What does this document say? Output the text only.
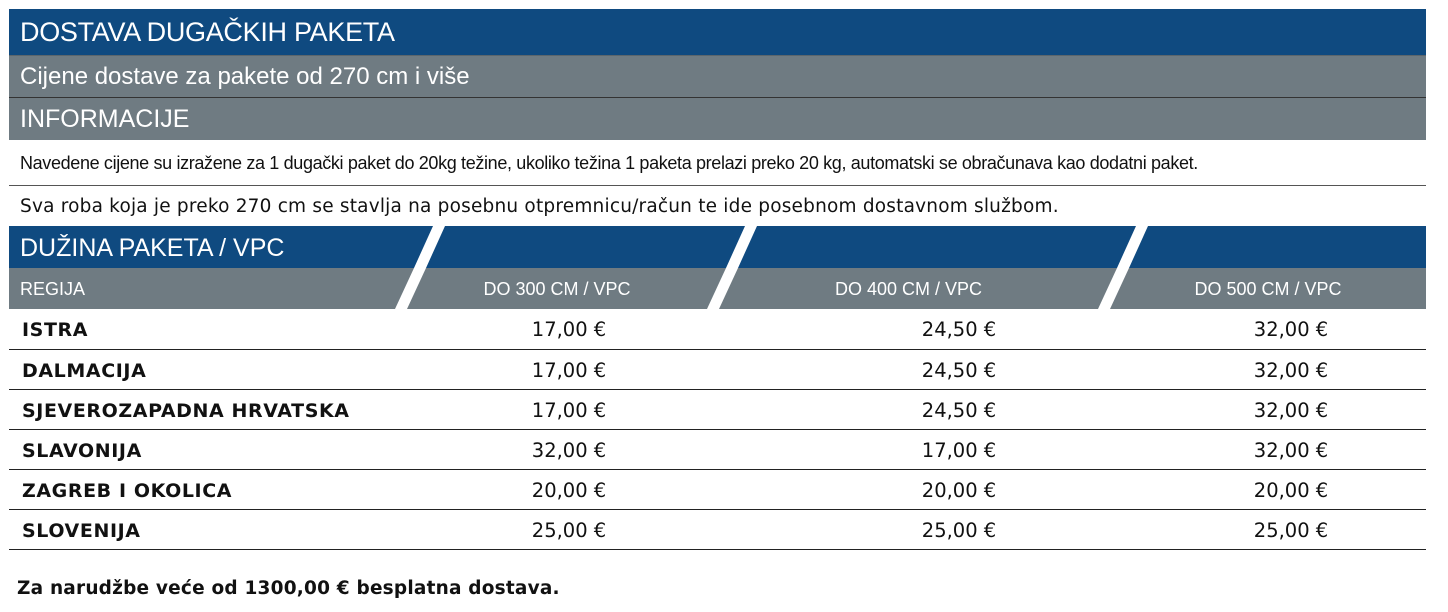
DOSTAVA DUGAČKIH PAKETA
Cijene dostave za pakete od 270 cm i više
INFORMACIJE
Navedene cijene su izražene za 1 dugački paket do 20kg težine, ukoliko težina 1 paketa prelazi preko 20 kg, automatski se obračunava kao dodatni paket.
Sva roba koja je preko 270 cm se stavlja na posebnu otpremnicu/račun te ide posebnom dostavnom službom.
DUŽINA PAKETA / VPC
REGIJA	DO 300 CM / VPC	DO 400 CM / VPC	DO 500 CM / VPC
ISTRA	17,00 €	24,50 €	32,00 €
DALMACIJA	17,00 €	24,50 €	32,00 €
SJEVEROZAPADNA HRVATSKA	17,00 €	24,50 €	32,00 €
SLAVONIJA	32,00 €	17,00 €	32,00 €
ZAGREB I OKOLICA	20,00 €	20,00 €	20,00 €
SLOVENIJA	25,00 €	25,00 €	25,00 €
Za narudžbe veće od 1300,00 € besplatna dostava.
